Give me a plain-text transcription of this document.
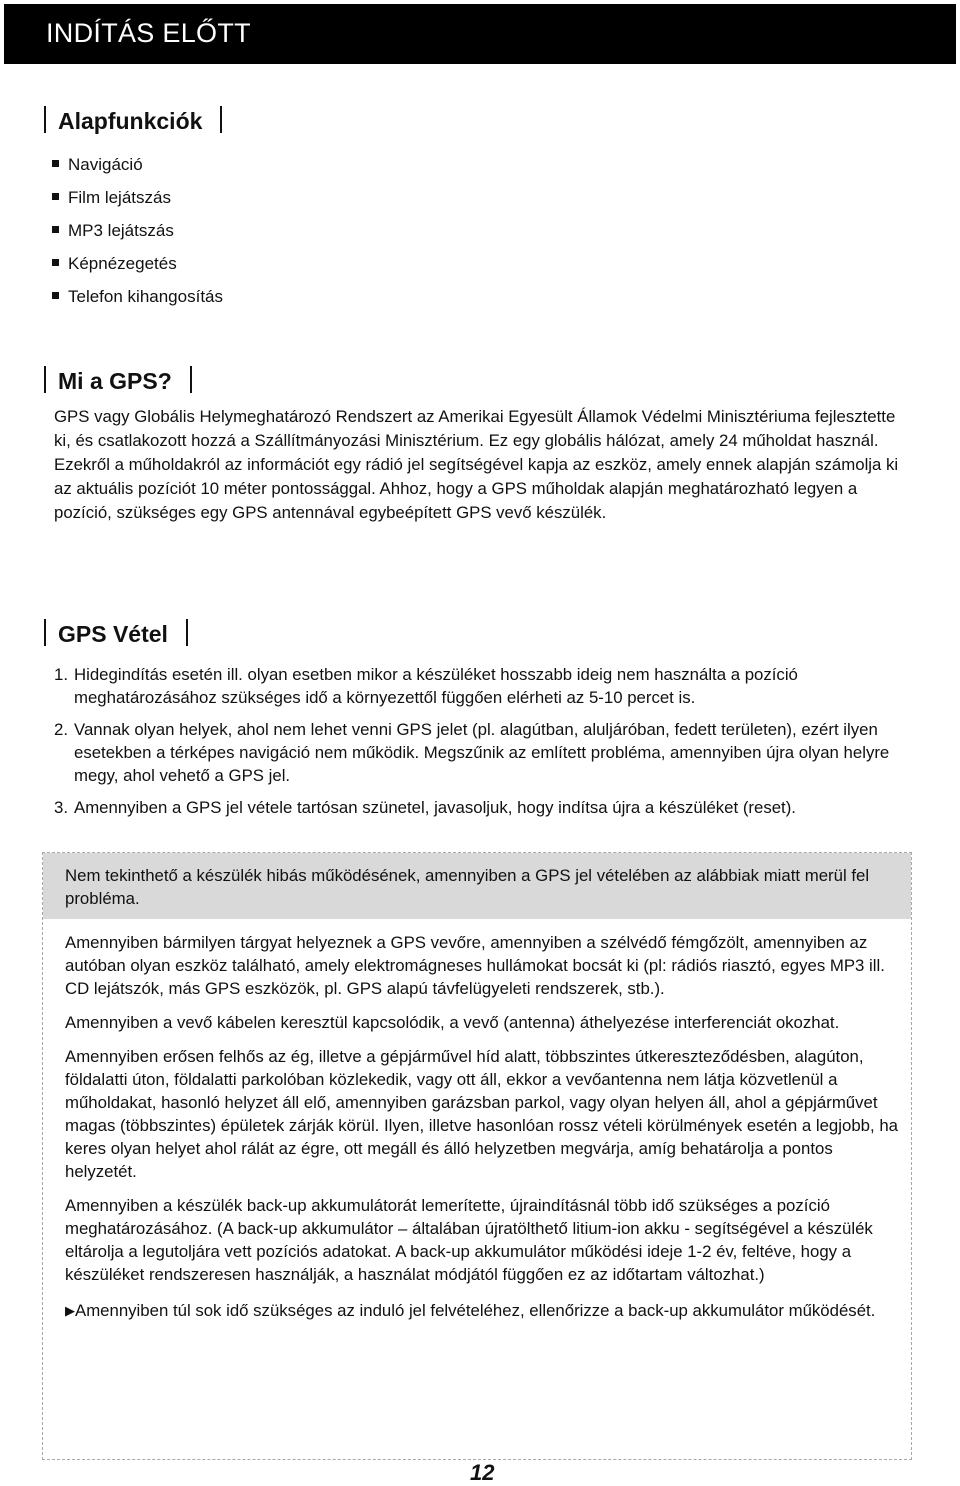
INDÍTÁS ELŐTT
Alapfunkciók
Navigáció
Film lejátszás
MP3 lejátszás
Képnézegetés
Telefon kihangosítás
Mi a GPS?

GPS vagy Globális Helymeghatározó Rendszert az Amerikai Egyesült Államok Védelmi Minisztériuma fejlesztette ki, és csatlakozott hozzá a Szállítmányozási Minisztérium. Ez egy globális hálózat, amely 24 műholdat használ. Ezekről a műholdakról az információt egy rádió jel segítségével kapja az eszköz, amely ennek alapján számolja ki az aktuális pozíciót 10 méter pontossággal. Ahhoz, hogy a GPS műholdak alapján meghatározható legyen a pozíció, szükséges egy GPS antennával egybeépített GPS vevő készülék.

GPS Vétel
1. Hidegindítás esetén ill. olyan esetben mikor a készüléket hosszabb ideig nem használta a pozíció meghatározásához szükséges idő a környezettől függően elérheti az 5-10 percet is.
2. Vannak olyan helyek, ahol nem lehet venni GPS jelet (pl. alagútban, aluljáróban, fedett területen), ezért ilyen esetekben a térképes navigáció nem működik. Megszűnik az említett probléma, amennyiben újra olyan helyre megy, ahol vehető a GPS jel.
3. Amennyiben a GPS jel vétele tartósan szünetel, javasoljuk, hogy indítsa újra a készüléket (reset).

Nem tekinthető a készülék hibás működésének, amennyiben a GPS jel vételében az alábbiak miatt merül fel probléma.

Amennyiben bármilyen tárgyat helyeznek a GPS vevőre, amennyiben a szélvédő fémgőzölt, amennyiben az autóban olyan eszköz található, amely elektromágneses hullámokat bocsát ki (pl: rádiós riasztó, egyes MP3 ill. CD lejátszók, más GPS eszközök, pl. GPS alapú távfelügyeleti rendszerek, stb.).

Amennyiben a vevő kábelen keresztül kapcsolódik, a vevő (antenna) áthelyezése interferenciát okozhat.

Amennyiben erősen felhős az ég, illetve a gépjárművel híd alatt, többszintes útkereszteződésben, alagúton, földalatti úton, földalatti parkolóban közlekedik, vagy ott áll, ekkor a vevőantenna nem látja közvetlenül a műholdakat, hasonló helyzet áll elő, amennyiben garázsban parkol, vagy olyan helyen áll, ahol a gépjárművet magas (többszintes) épületek zárják körül. Ilyen, illetve hasonlóan rossz vételi körülmények esetén a legjobb, ha keres olyan helyet ahol rálát az égre, ott megáll és álló helyzetben megvárja, amíg behatárolja a pontos helyzetét.

Amennyiben a készülék back-up akkumulátorát lemerítette, újraindításnál több idő szükséges a pozíció meghatározásához. (A back-up akkumulátor – általában újratölthető litium-ion akku - segítségével a készülék eltárolja a legutoljára vett pozíciós adatokat. A back-up akkumulátor működési ideje 1-2 év, feltéve, hogy a készüléket rendszeresen használják, a használat módjától függően ez az időtartam változhat.)

▶Amennyiben túl sok idő szükséges az induló jel felvételéhez, ellenőrizze a back-up akkumulátor működését.

12
